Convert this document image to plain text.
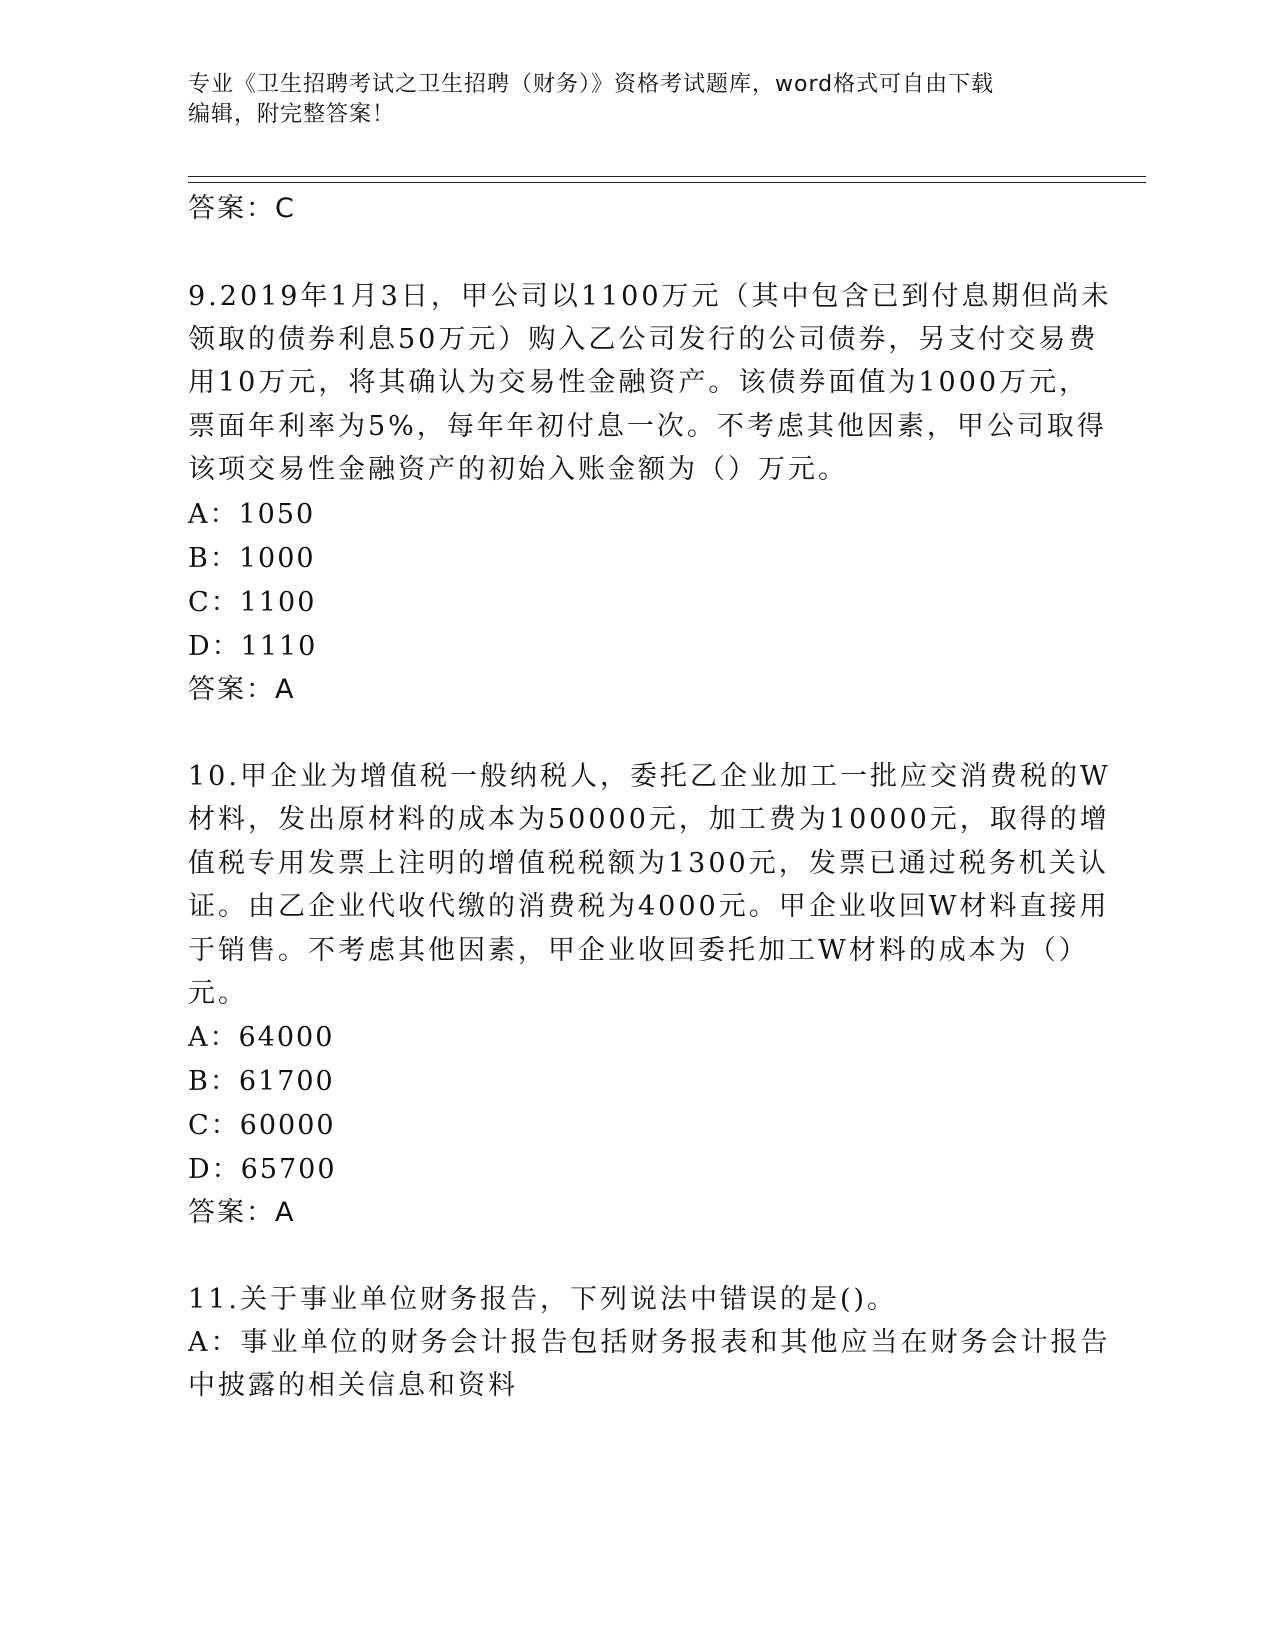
专业《卫生招聘考试之卫生招聘（财务）》资格考试题库，word格式可自由下载
编辑，附完整答案！
答案：C
9.2019年1月3日，甲公司以1100万元（其中包含已到付息期但尚未
领取的债券利息50万元）购入乙公司发行的公司债券，另支付交易费
用10万元，将其确认为交易性金融资产。该债券面值为1000万元，
票面年利率为5%，每年年初付息一次。不考虑其他因素，甲公司取得
该项交易性金融资产的初始入账金额为（）万元。
A：1050
B：1000
C：1100
D：1110
答案：A
10.甲企业为增值税一般纳税人，委托乙企业加工一批应交消费税的W
材料，发出原材料的成本为50000元，加工费为10000元，取得的增
值税专用发票上注明的增值税税额为1300元，发票已通过税务机关认
证。由乙企业代收代缴的消费税为4000元。甲企业收回W材料直接用
于销售。不考虑其他因素，甲企业收回委托加工W材料的成本为（）
元。
A：64000
B：61700
C：60000
D：65700
答案：A
11.关于事业单位财务报告，下列说法中错误的是()。
A：事业单位的财务会计报告包括财务报表和其他应当在财务会计报告
中披露的相关信息和资料
